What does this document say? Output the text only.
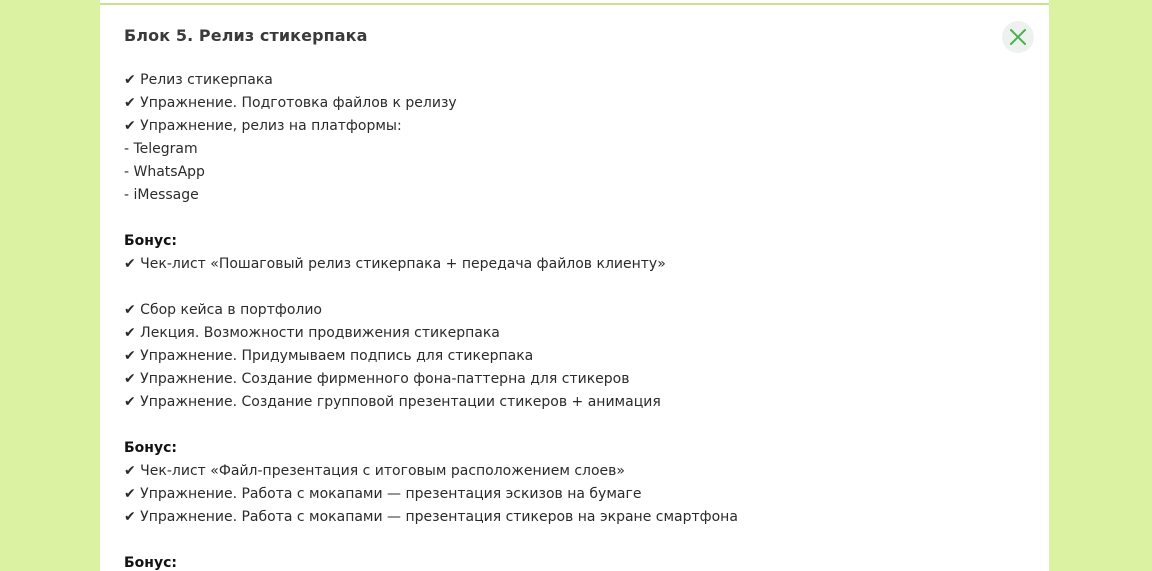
Блок 5. Релиз стикерпака
✔ Релиз стикерпака
✔ Упражнение. Подготовка файлов к релизу
✔ Упражнение, релиз на платформы:
- Telegram
- WhatsApp
- iMessage
Бонус:
✔ Чек-лист «Пошаговый релиз стикерпака + передача файлов клиенту»
✔ Сбор кейса в портфолио
✔ Лекция. Возможности продвижения стикерпака
✔ Упражнение. Придумываем подпись для стикерпака
✔ Упражнение. Создание фирменного фона-паттерна для стикеров
✔ Упражнение. Создание групповой презентации стикеров + анимация
Бонус:
✔ Чек-лист «Файл-презентация с итоговым расположением слоев»
✔ Упражнение. Работа с мокапами — презентация эскизов на бумаге
✔ Упражнение. Работа с мокапами — презентация стикеров на экране смартфона
Бонус:
